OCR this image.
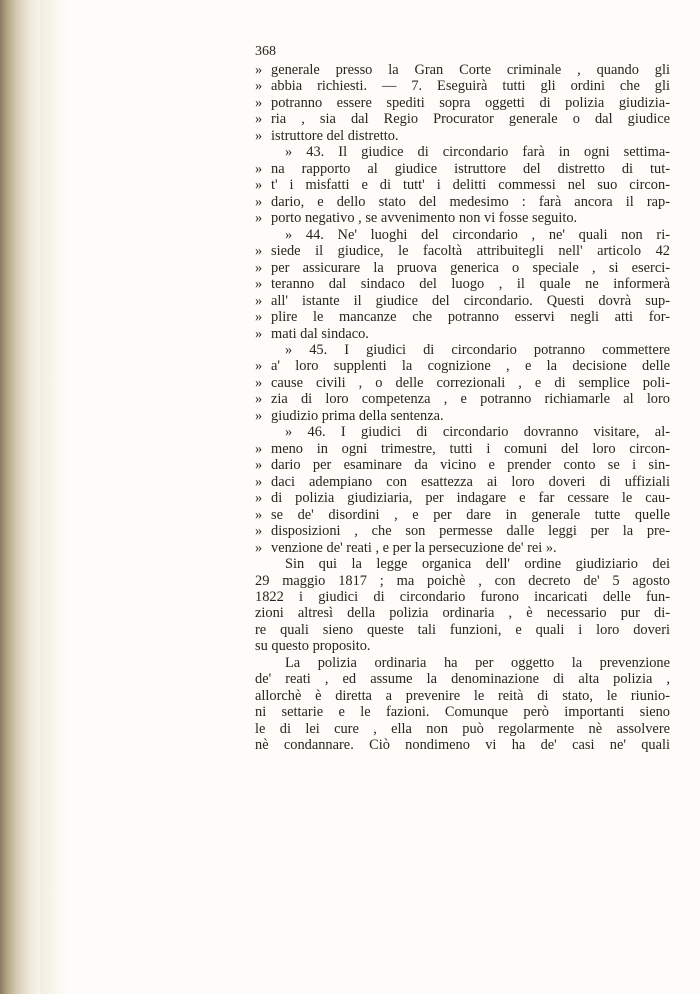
368
» generale presso la Gran Corte criminale , quando gli
» abbia richiesti. — 7. Eseguirà tutti gli ordini che gli
» potranno essere spediti sopra oggetti di polizia giudizia-
» ria , sia dal Regio Procurator generale o dal giudice
» istruttore del distretto.
» 43. Il giudice di circondario farà in ogni settima-
» na rapporto al giudice istruttore del distretto di tut-
» t' i misfatti e di tutt' i delitti commessi nel suo circon-
» dario, e dello stato del medesimo : farà ancora il rap-
» porto negativo , se avvenimento non vi fosse seguito.
» 44. Ne' luoghi del circondario , ne' quali non ri-
» siede il giudice, le facoltà attribuitegli nell' articolo 42
» per assicurare la pruova generica o speciale , si eserci-
» teranno dal sindaco del luogo , il quale ne informerà
» all' istante il giudice del circondario. Questi dovrà sup-
» plire le mancanze che potranno esservi negli atti for-
» mati dal sindaco.
» 45. I giudici di circondario potranno commettere
» a' loro supplenti la cognizione , e la decisione delle
» cause civili , o delle correzionali , e di semplice poli-
» zia di loro competenza , e potranno richiamarle al loro
» giudizio prima della sentenza.
» 46. I giudici di circondario dovranno visitare, al-
» meno in ogni trimestre, tutti i comuni del loro circon-
» dario per esaminare da vicino e prender conto se i sin-
» daci adempiano con esattezza ai loro doveri di uffiziali
» di polizia giudiziaria, per indagare e far cessare le cau-
» se de' disordini , e per dare in generale tutte quelle
» disposizioni , che son permesse dalle leggi per la pre-
» venzione de' reati , e per la persecuzione de' rei ».
Sin qui la legge organica dell' ordine giudiziario dei
29 maggio 1817 ; ma poichè , con decreto de' 5 agosto
1822 i giudici di circondario furono incaricati delle fun-
zioni altresì della polizia ordinaria , è necessario pur di-
re quali sieno queste tali funzioni, e quali i loro doveri
su questo proposito.
La polizia ordinaria ha per oggetto la prevenzione
de' reati , ed assume la denominazione di alta polizia ,
allorchè è diretta a prevenire le reità di stato, le riunio-
ni settarie e le fazioni. Comunque però importanti sieno
le di lei cure , ella non può regolarmente nè assolvere
nè condannare. Ciò nondimeno vi ha de' casi ne' quali
